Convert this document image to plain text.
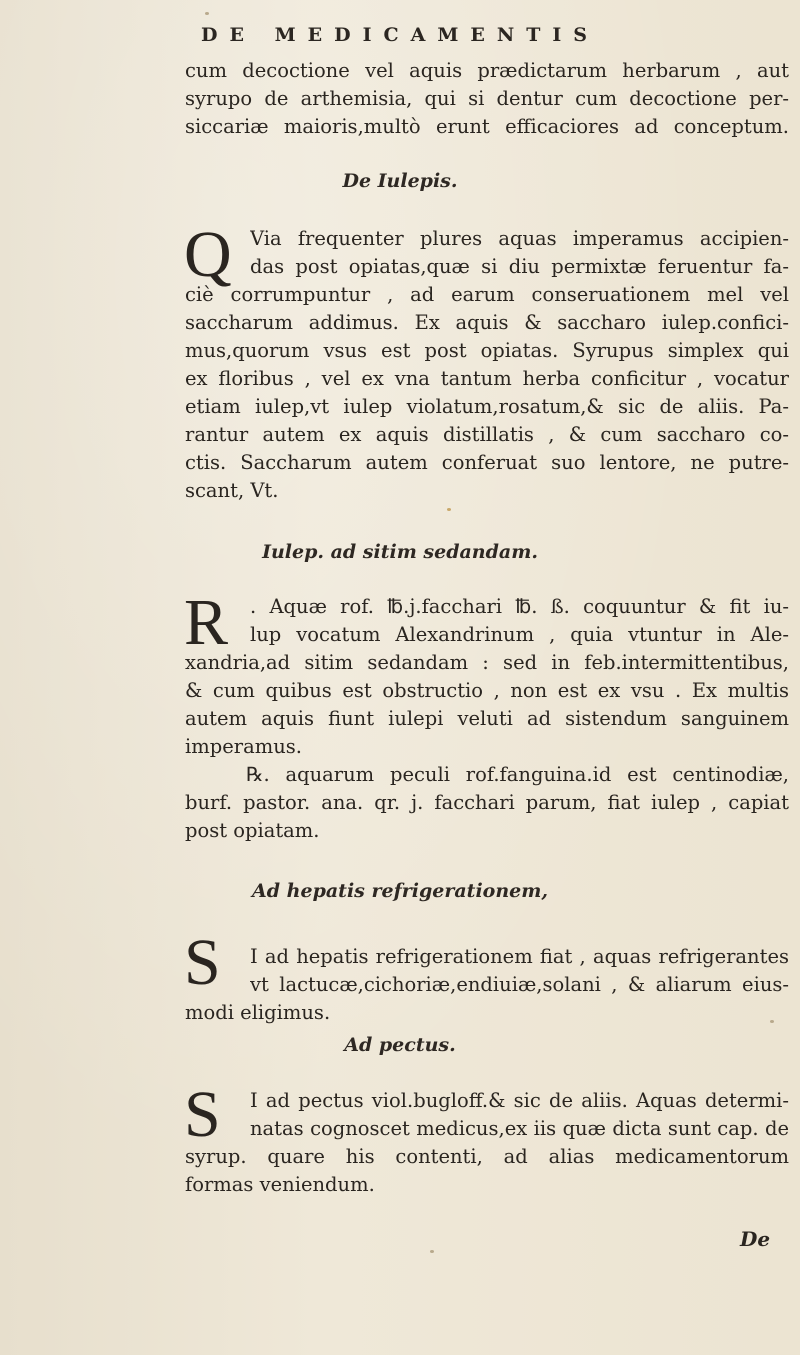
DE MEDICAMENTIS
cum decoctione vel aquis prædictarum herbarum , aut
syrupo de arthemisia, qui si dentur cum decoctione per-
siccariæ maioris,multò erunt efficaciores ad conceptum.
De Iulepis.
Q Via frequenter plures aquas imperamus accipien-
das post opiatas,quæ si diu permixtæ feruentur fa-
ciè corrumpuntur , ad earum conseruationem mel vel
saccharum addimus. Ex aquis & saccharo iulep.confici-
mus,quorum vsus est post opiatas. Syrupus simplex qui
ex floribus , vel ex vna tantum herba conficitur , vocatur
etiam iulep,vt iulep violatum,rosatum,& sic de aliis. Pa-
rantur autem ex aquis distillatis , & cum saccharo co-
ctis. Saccharum autem conferuat suo lentore, ne putre-
scant, Vt.
Iulep. ad sitim sedandam.
R . Aquæ rof. ℔.j.facchari ℔. ß. coquuntur & fit iu-
lup vocatum Alexandrinum , quia vtuntur in Ale-
xandria,ad sitim sedandam : sed in feb.intermittentibus,
& cum quibus est obstructio , non est ex vsu . Ex multis
autem aquis fiunt iulepi veluti ad sistendum sanguinem
imperamus.
℞. aquarum peculi rof.fanguina.id est centinodiæ,
burf. pastor. ana. qr. j. facchari parum, fiat iulep , capiat
post opiatam.
Ad hepatis refrigerationem,
S I ad hepatis refrigerationem fiat , aquas refrigerantes
vt lactucæ,cichoriæ,endiuiæ,solani , & aliarum eius-
modi eligimus.
Ad pectus.
S I ad pectus viol.bugloff.& sic de aliis. Aquas determi-
natas cognoscet medicus,ex iis quæ dicta sunt cap. de
syrup. quare his contenti, ad alias medicamentorum
formas veniendum.
De
